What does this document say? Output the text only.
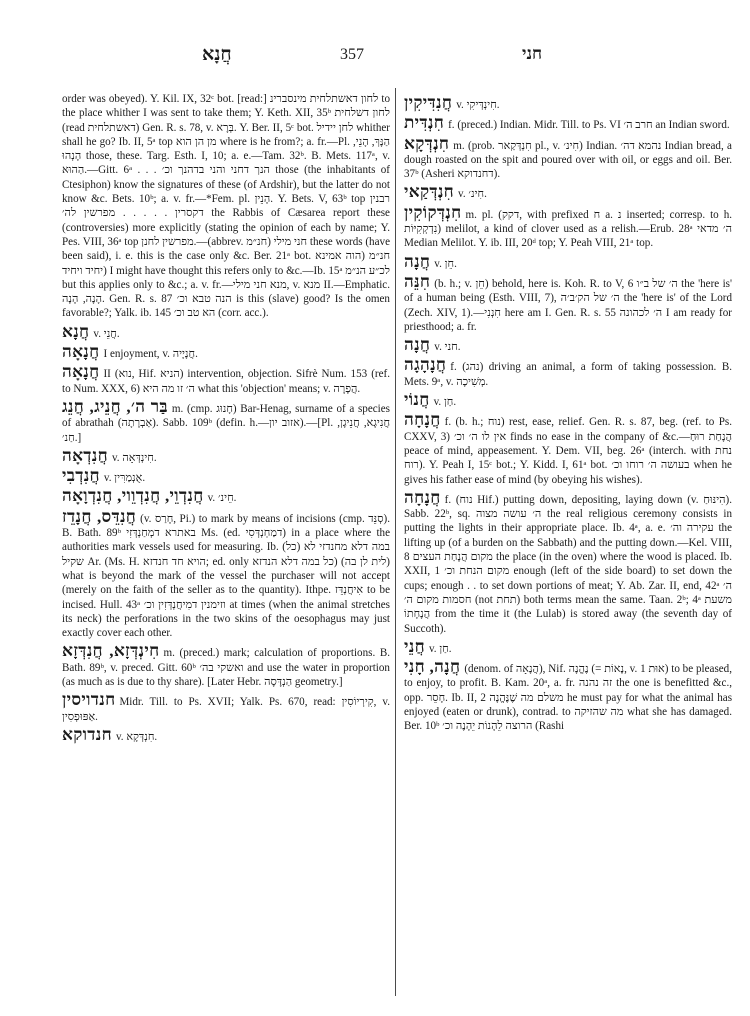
חֲנָא	357	חני

order was obeyed). Y. Kil. IX, 32ᶜ bot. [read:] לחון דאשתלחית מינסברינ to the place whither I was sent to take them; Y. Keth. XII, 35ᵇ לחון דשלחית (read דאשתלחית) Gen. R. s. 78, v. בְּרָא. Y. Ber. II, 5ᶜ bot. לחן יידיל whither shall he go? Ib. II, 5ᵃ top מן הן הוא where is he from?; a. fr.—Pl. הַנָּךְ, הָנֵי, הָנְהוּ those, these. Targ. Esth. I, 10; a. e.—Tam. 32ᵇ. B. Mets. 117ᵃ, v. הַהוּא.—Gitt. 6ᵃ . . . הנך דחני והני בדהנך וכ׳ those (the inhabitants of Ctesiphon) know the signatures of these (of Ardshir), but the latter do not know &c. Bets. 10ᵇ; a. v. fr.—*Fem. pl. הָנֵין. Y. Bets. V, 63ᵇ top רבנין דקסרין . . . . . מפרשין לה׳ the Rabbis of Cæsarea report these (controversies) more explicitly (stating the opinion of each by name; Y. Pes. VIII, 36ᵃ top מפרשין לחנן.—(abbrev. חנ״מ) חני מילי these words (have been said), i. e. this is the case only &c. Ber. 21ᵃ bot. הוה אמינא) חנ״מ יחיד ויחיד) I might have thought this refers only to &c.—Ib. 15ᵃ לכ״ע הנ״מ but this applies only to &c.; a. v. fr.—מנא חני מילי, v. מנא II.—Emphatic. הָנָה, הָנָה. Gen. R. s. 87 הנה טבא וכ׳ is this (slave) good? Is the omen favorable?; Yalk. ib. 145 הא טב וכ׳ (corr. acc.).

חֲנָא v. חֲנֵי.

חֲנָאָה I enjoyment, v. חֲנָיָיה.

חֲנָאָה II (נוא, Hif. הניא) intervention, objection. Sifrè Num. 153 (ref. to Num. XXX, 6) ה׳ זו מה היא what this 'objection' means; v. הֲפָרָה.

בַּר ה׳, חֲנֵיג, חֲנֵג m. (cmp. חָנוּג) Bar-Henag, surname of a species of abrathah (אַבְרָתָה). Sabb. 109ᵇ (defin. h.—אזוב יון).—[Pl. חֲנִיגָא, חֲנֵיגָן, חַנ׳.]

חֲנִדְאָה v. חִינְדְּאָה.

חֲנִדְבִי v. אֻנְמַרִּין.

חֲנִדְוֵי, חֲנִדְוֵוי, חֲנִדְוָאָה v. חֵינ׳.

חֲנִדֵּס, חֲנָדֵז (v. חָרַס, Pi.) to mark by means of incisions (cmp. סְנֵּד). B. Bath. 89ᵇ באתרא דמְחַנְדְּזִי Ms. (ed. דמַחְנְדְּסִי) in a place where the authorities mark vessels used for measuring. Ib. (כל) במה דלא מחנדזי לא שקיל Ar. (Ms. H. הויא חד חנדזא; ed. only כל במה דלא הנדזא) (לית לן בה) what is beyond the mark of the vessel the purchaser will not accept (merely on the faith of the seller as to the quantity). Ithpe. אִיחֲנְדֵּז to be incised. Hull. 43ᵃ וזימנין דמִיחֲנְדְּזִין וכ׳ at times (when the animal stretches its neck) the perforations in the two skins of the oesophagus may just exactly cover each other.

חִינְדְּזָא, חֲנִדְּזָא m. (preced.) mark; calculation of proportions. B. Bath. 89ᵇ, v. preced. Gitt. 60ᵇ ואשקי בה׳ and use the water in proportion (as much as is due to thy share). [Later Hebr. הַנְדָּסָה geometry.]

חנדויסין Midr. Till. to Ps. XVII; Yalk. Ps. 670, read: קִירְיוֹסִין, v. אַפּוּפְסִין.

חנדוקא v. חִנְדְּקָא.

חֲנִדִּיקִין v. חִינְדְּיקִי.

חִנְדִּית f. (preced.) Indian. Midr. Till. to Ps. VI חרב ה׳ an Indian sword.

חִנְדְּקָא m. (prob. חִנְדְּקַאר pl., v. חִינ׳) Indian. נהמא דה׳ Indian bread, a dough roasted on the spit and poured over with oil, or eggs and oil. Ber. 37ᵇ (Asheri דחנדוקא).

חִנְדְּקַאי v. חִינ׳.

חִנְדְּקוֹקִין m. pl. (דקק, with prefixed ח a. נ inserted; corresp. to h. נִדְקְקִיּוֹת) melilot, a kind of clover used as a relish.—Erub. 28ᵃ ה׳ מדאי Median Melilot. Y. ib. III, 20ᵈ top; Y. Peah VIII, 21ᵃ top.

חֲנָה v. חֵן.

חִנֵּה (b. h.; v. חֵן) behold, here is. Koh. R. to V, 6 ה׳ של ב״ו the 'here is' of a human being (Esth. VIII, 7), ה׳ של הק׳ב׳ה the 'here is' of the Lord (Zech. XIV, 1).—חִנְנִי here am I. Gen. R. s. 55 ה׳ לכהונה I am ready for priesthood; a. fr.

חֲנָה v. חני.

חֲנָהָגָה f. (נהג) driving an animal, a form of taking possession. B. Mets. 9ᵃ, v. מְשִׁיכָה.

חֲנוֹי v. חַן.

חֲנָחָה f. (b. h.; נוח) rest, ease, relief. Gen. R. s. 87, beg. (ref. to Ps. CXXV, 3) אין לו ה׳ וכ׳ finds no ease in the company of &c.—הֲנָחַת רוּחַ peace of mind, appeasement. Y. Dem. VII, beg. 26ᵃ (interch. with נחת רוח). Y. Peah I, 15ᶜ bot.; Y. Kidd. I, 61ᵃ bot. בעושה ה׳ רוחו וכ׳ when he gives his father ease of mind (by obeying his wishes).

חֲנָחָה f. (נוח Hif.) putting down, depositing, laying down (v. הִינּוּחַ). Sabb. 22ᵇ, sq. ה׳ עושה מצוה the real religious ceremony consists in putting the lights in their appropriate place. Ib. 4ᵃ, a. e. עקירה וה׳ the lifting up (of a burden on the Sabbath) and the putting down.—Kel. VIII, 8 מקום הֲנָחַת העצים the place (in the oven) where the wood is placed. Ib. XXII, 1 מקום הנחת וכ׳ enough (left of the side board) to set down the cups; enough . . to set down portions of meat; Y. Ab. Zar. II, end, 42ᵃ ה׳ חסמות מקום ה׳ (not תחת) both terms mean the same. Taan. 2ᵇ; 4ᵃ משעת הֲנָחָתוֹ from the time it (the Lulab) is stored away (the seventh day of Succoth).

חֲנֵי v. חַן.

חֲנָה, חָנִי (denom. of הֲנָאָה), Nif. נֶהֱנָה (= נֶאוֹת, v. אוּת 1) to be pleased, to enjoy, to profit. B. Kam. 20ᵃ, a. fr. זה נהנה the one is benefitted &c., opp. חָסֵר. Ib. II, 2 משלם מה שֶׁנֶּהֱנָה he must pay for what the animal has enjoyed (eaten or drunk), contrad. to מה שהזיקה what she has damaged. Ber. 10ᵇ הרוצה לֵהָנוֹת יֵהָנֶה וכ׳ (Rashi
